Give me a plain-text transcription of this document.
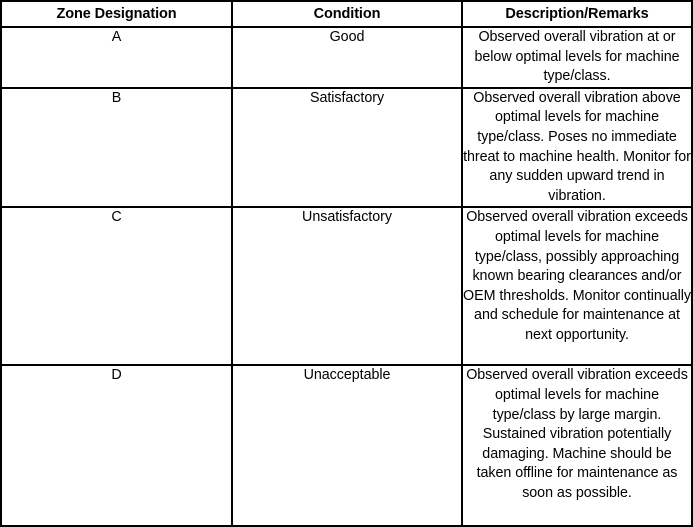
Zone Designation	Condition	Description/Remarks
A	Good	Observed overall vibration at or below optimal levels for machine type/class.

B	Satisfactory	Observed overall vibration above optimal levels for machine type/class. Poses no immediate threat to machine health. Monitor for any sudden upward trend in vibration.

C	Unsatisfactory	Observed overall vibration exceeds optimal levels for machine type/class, possibly approaching known bearing clearances and/or OEM thresholds. Monitor continually and schedule for maintenance at next opportunity.

D	Unacceptable	Observed overall vibration exceeds optimal levels for machine type/class by large margin. Sustained vibration potentially damaging. Machine should be taken offline for maintenance as soon as possible.
